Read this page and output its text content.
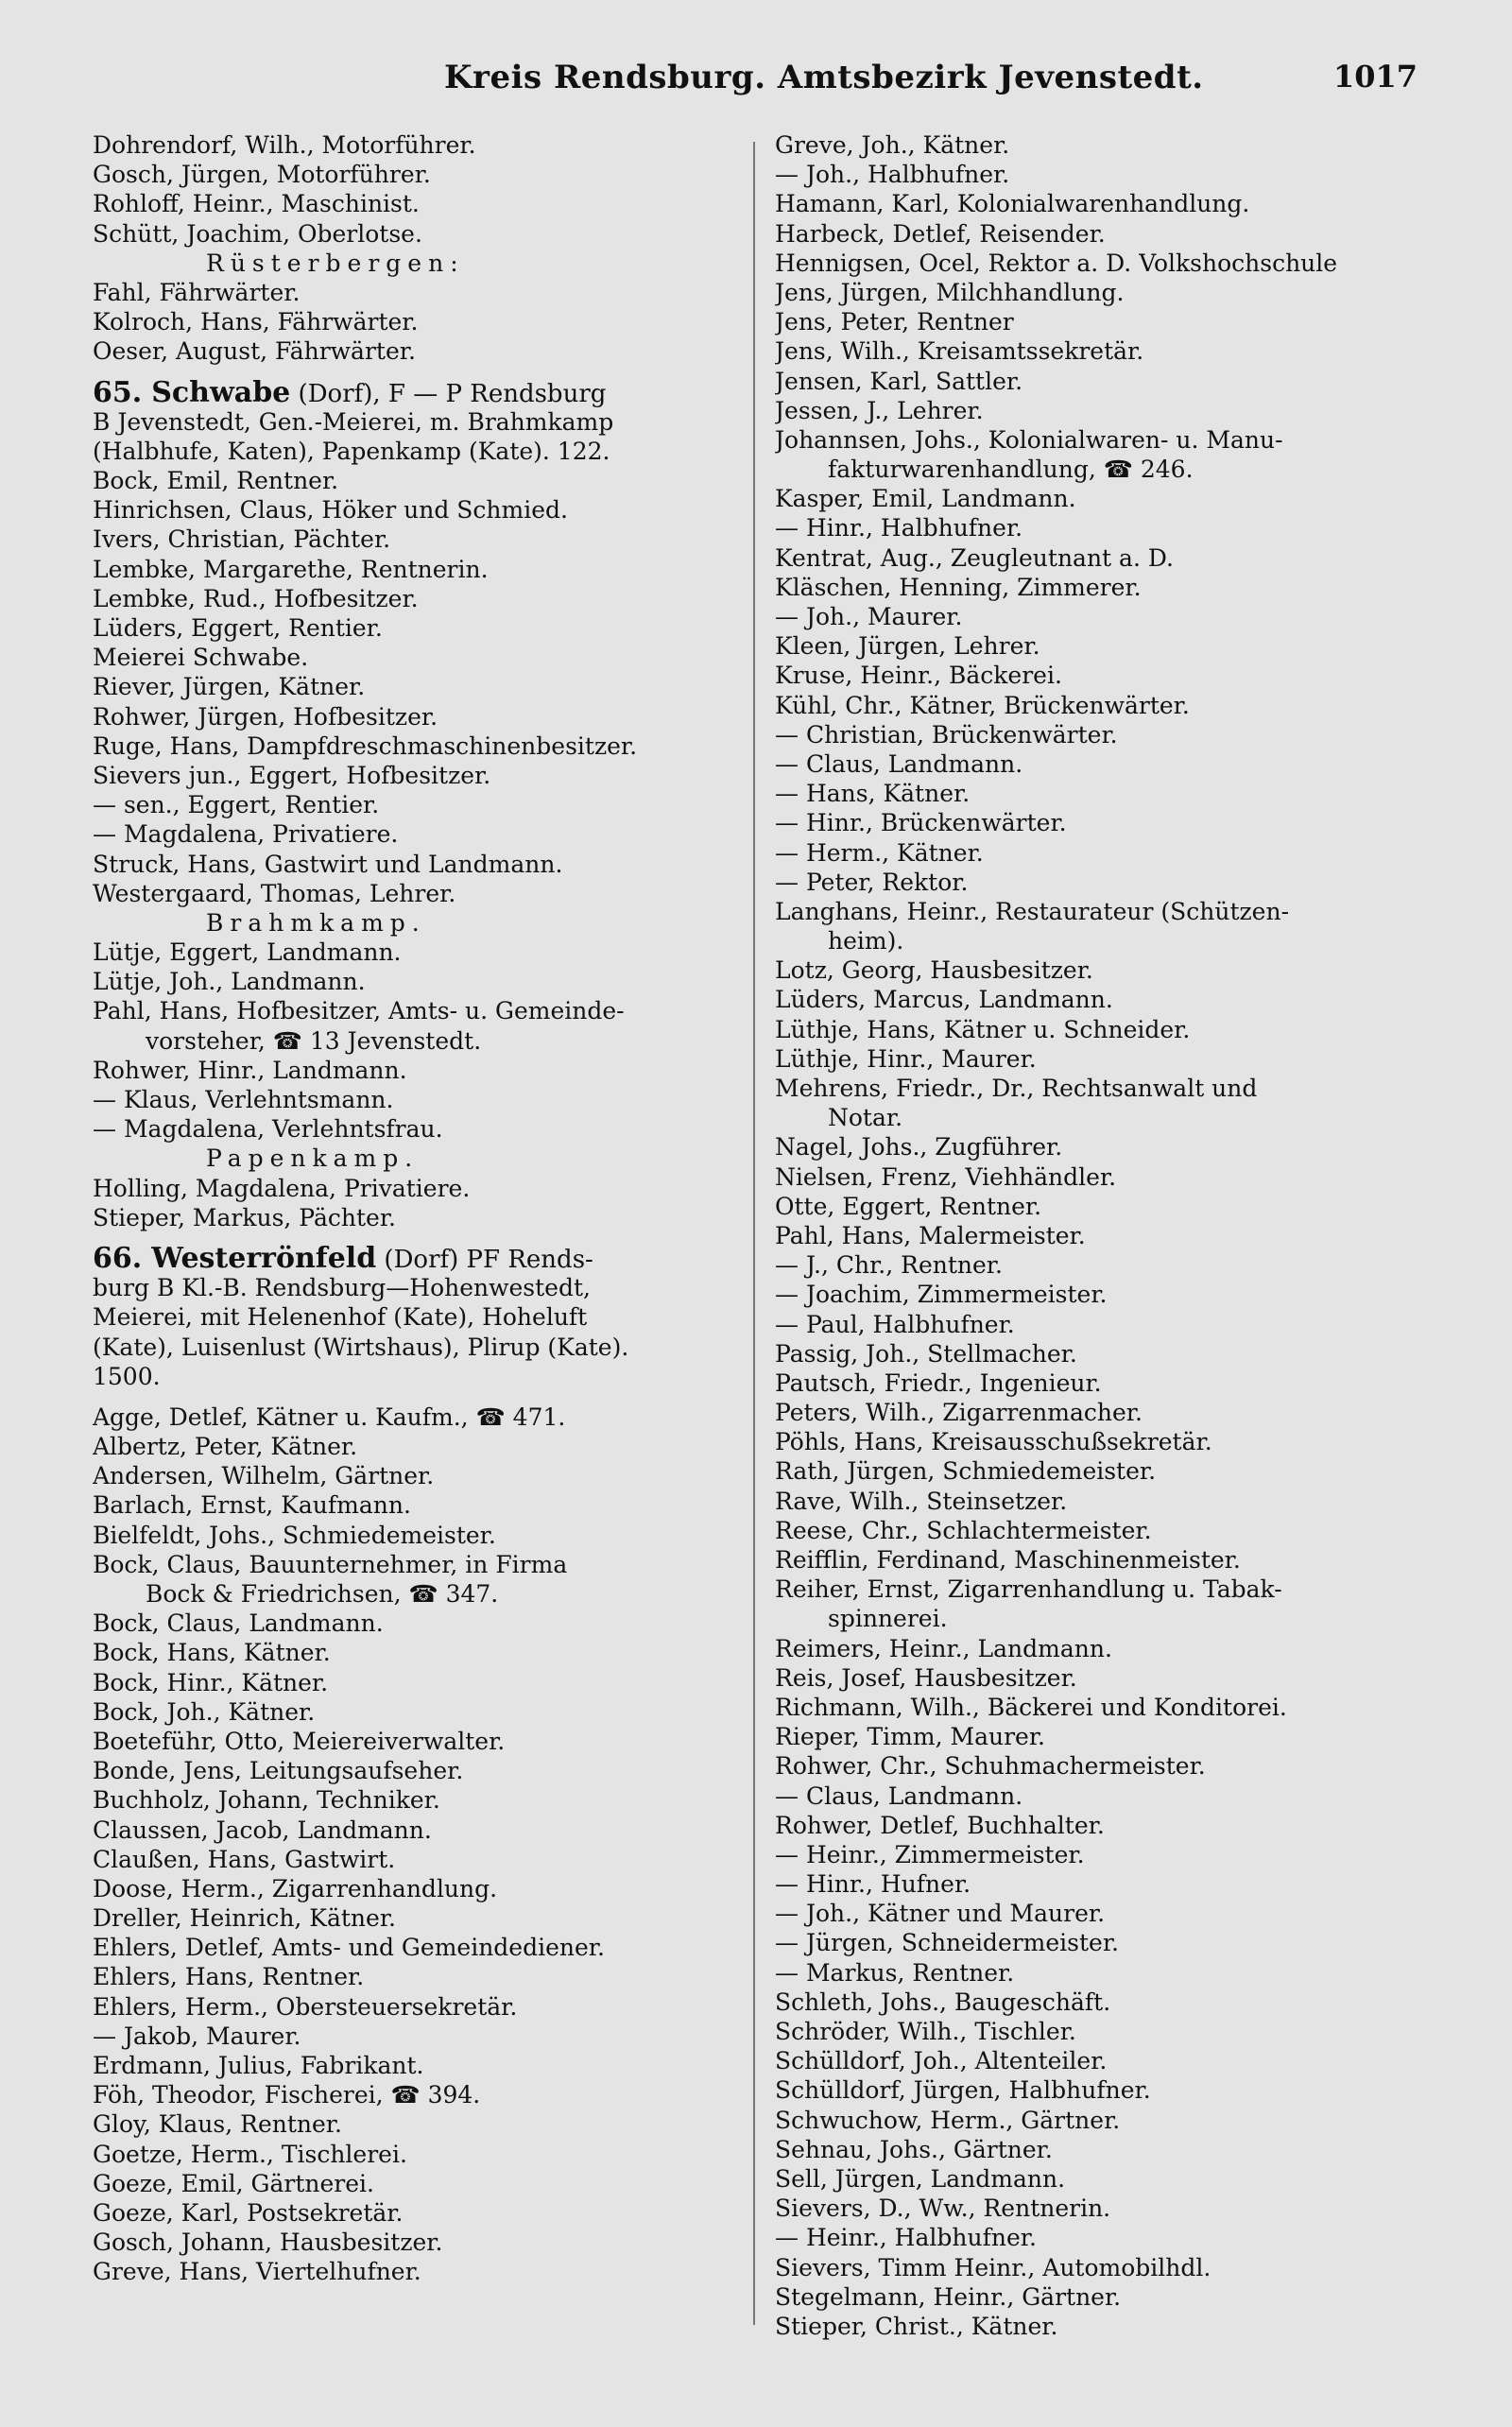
Kreis Rendsburg. Amtsbezirk Jevenstedt.	1017
Dohrendorf, Wilh., Motorführer.
Gosch, Jürgen, Motorführer.
Rohloff, Heinr., Maschinist.
Schütt, Joachim, Oberlotse.
Rüsterbergen:
Fahl, Fährwärter.
Kolroch, Hans, Fährwärter.
Oeser, August, Fährwärter.
65. Schwabe (Dorf), F — P Rendsburg
B Jevenstedt, Gen.-Meierei, m. Brahmkamp
(Halbhufe, Katen), Papenkamp (Kate). 122.
Bock, Emil, Rentner.
Hinrichsen, Claus, Höker und Schmied.
Ivers, Christian, Pächter.
Lembke, Margarethe, Rentnerin.
Lembke, Rud., Hofbesitzer.
Lüders, Eggert, Rentier.
Meierei Schwabe.
Riever, Jürgen, Kätner.
Rohwer, Jürgen, Hofbesitzer.
Ruge, Hans, Dampfdreschmaschinenbesitzer.
Sievers jun., Eggert, Hofbesitzer.
— sen., Eggert, Rentier.
— Magdalena, Privatiere.
Struck, Hans, Gastwirt und Landmann.
Westergaard, Thomas, Lehrer.
Brahmkamp.
Lütje, Eggert, Landmann.
Lütje, Joh., Landmann.
Pahl, Hans, Hofbesitzer, Amts- u. Gemeinde-
vorsteher, ☎ 13 Jevenstedt.
Rohwer, Hinr., Landmann.
— Klaus, Verlehntsmann.
— Magdalena, Verlehntsfrau.
Papenkamp.
Holling, Magdalena, Privatiere.
Stieper, Markus, Pächter.
66. Westerrönfeld (Dorf) PF Rends-
burg B Kl.-B. Rendsburg—Hohenwestedt,
Meierei, mit Helenenhof (Kate), Hoheluft
(Kate), Luisenlust (Wirtshaus), Plirup (Kate).
1500.
Agge, Detlef, Kätner u. Kaufm., ☎ 471.
Albertz, Peter, Kätner.
Andersen, Wilhelm, Gärtner.
Barlach, Ernst, Kaufmann.
Bielfeldt, Johs., Schmiedemeister.
Bock, Claus, Bauunternehmer, in Firma
Bock & Friedrichsen, ☎ 347.
Bock, Claus, Landmann.
Bock, Hans, Kätner.
Bock, Hinr., Kätner.
Bock, Joh., Kätner.
Boeteführ, Otto, Meiereiverwalter.
Bonde, Jens, Leitungsaufseher.
Buchholz, Johann, Techniker.
Claussen, Jacob, Landmann.
Claußen, Hans, Gastwirt.
Doose, Herm., Zigarrenhandlung.
Dreller, Heinrich, Kätner.
Ehlers, Detlef, Amts- und Gemeindediener.
Ehlers, Hans, Rentner.
Ehlers, Herm., Obersteuersekretär.
— Jakob, Maurer.
Erdmann, Julius, Fabrikant.
Föh, Theodor, Fischerei, ☎ 394.
Gloy, Klaus, Rentner.
Goetze, Herm., Tischlerei.
Goeze, Emil, Gärtnerei.
Goeze, Karl, Postsekretär.
Gosch, Johann, Hausbesitzer.
Greve, Hans, Viertelhufner.
Greve, Joh., Kätner.
— Joh., Halbhufner.
Hamann, Karl, Kolonialwarenhandlung.
Harbeck, Detlef, Reisender.
Hennigsen, Ocel, Rektor a. D. Volkshochschule
Jens, Jürgen, Milchhandlung.
Jens, Peter, Rentner
Jens, Wilh., Kreisamtssekretär.
Jensen, Karl, Sattler.
Jessen, J., Lehrer.
Johannsen, Johs., Kolonialwaren- u. Manu-
fakturwarenhandlung, ☎ 246.
Kasper, Emil, Landmann.
— Hinr., Halbhufner.
Kentrat, Aug., Zeugleutnant a. D.
Kläschen, Henning, Zimmerer.
— Joh., Maurer.
Kleen, Jürgen, Lehrer.
Kruse, Heinr., Bäckerei.
Kühl, Chr., Kätner, Brückenwärter.
— Christian, Brückenwärter.
— Claus, Landmann.
— Hans, Kätner.
— Hinr., Brückenwärter.
— Herm., Kätner.
— Peter, Rektor.
Langhans, Heinr., Restaurateur (Schützen-
heim).
Lotz, Georg, Hausbesitzer.
Lüders, Marcus, Landmann.
Lüthje, Hans, Kätner u. Schneider.
Lüthje, Hinr., Maurer.
Mehrens, Friedr., Dr., Rechtsanwalt und
Notar.
Nagel, Johs., Zugführer.
Nielsen, Frenz, Viehhändler.
Otte, Eggert, Rentner.
Pahl, Hans, Malermeister.
— J., Chr., Rentner.
— Joachim, Zimmermeister.
— Paul, Halbhufner.
Passig, Joh., Stellmacher.
Pautsch, Friedr., Ingenieur.
Peters, Wilh., Zigarrenmacher.
Pöhls, Hans, Kreisausschußsekretär.
Rath, Jürgen, Schmiedemeister.
Rave, Wilh., Steinsetzer.
Reese, Chr., Schlachtermeister.
Reifflin, Ferdinand, Maschinenmeister.
Reiher, Ernst, Zigarrenhandlung u. Tabak-
spinnerei.
Reimers, Heinr., Landmann.
Reis, Josef, Hausbesitzer.
Richmann, Wilh., Bäckerei und Konditorei.
Rieper, Timm, Maurer.
Rohwer, Chr., Schuhmachermeister.
— Claus, Landmann.
Rohwer, Detlef, Buchhalter.
— Heinr., Zimmermeister.
— Hinr., Hufner.
— Joh., Kätner und Maurer.
— Jürgen, Schneidermeister.
— Markus, Rentner.
Schleth, Johs., Baugeschäft.
Schröder, Wilh., Tischler.
Schülldorf, Joh., Altenteiler.
Schülldorf, Jürgen, Halbhufner.
Schwuchow, Herm., Gärtner.
Sehnau, Johs., Gärtner.
Sell, Jürgen, Landmann.
Sievers, D., Ww., Rentnerin.
— Heinr., Halbhufner.
Sievers, Timm Heinr., Automobilhdl.
Stegelmann, Heinr., Gärtner.
Stieper, Christ., Kätner.
